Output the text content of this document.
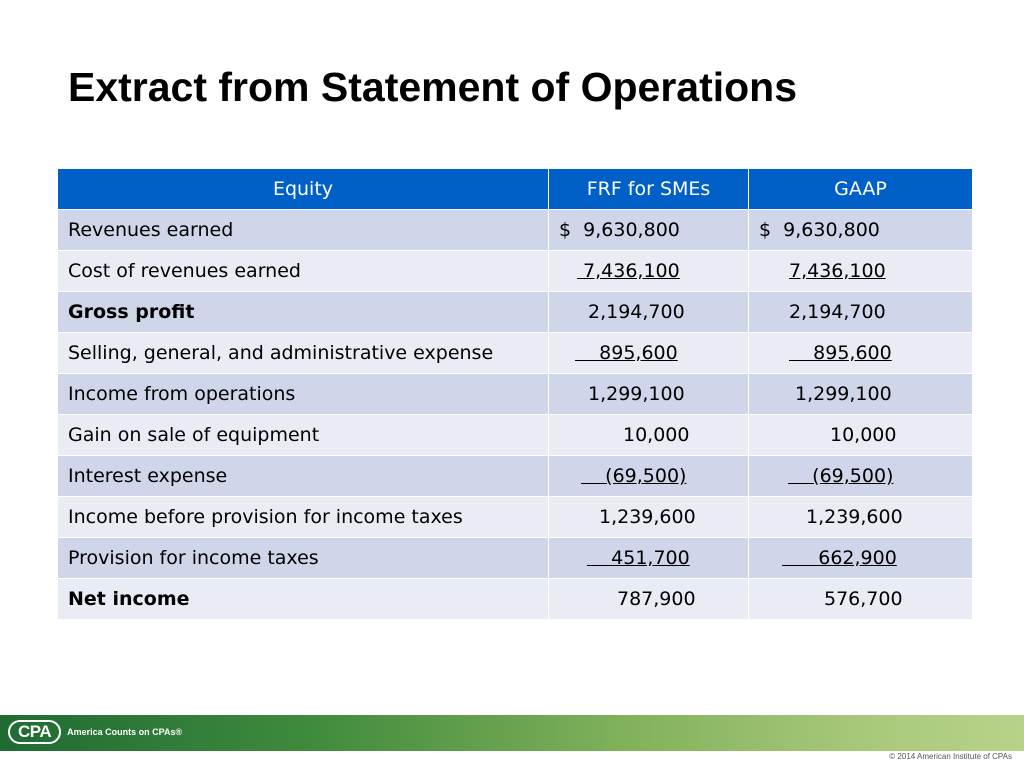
Extract from Statement of Operations
Equity	FRF for SMEs	GAAP
Revenues earned	$  9,630,800	$  9,630,800
Cost of revenues earned	7,436,100	7,436,100
Gross profit	2,194,700	2,194,700
Selling, general, and administrative expense	895,600	895,600
Income from operations	1,299,100	1,299,100
Gain on sale of equipment	10,000	10,000
Interest expense	(69,500)	(69,500)
Income before provision for income taxes	1,239,600	1,239,600
Provision for income taxes	451,700	662,900
Net income	787,900	576,700
CPA	America Counts on CPAs®
© 2014 American Institute of CPAs
